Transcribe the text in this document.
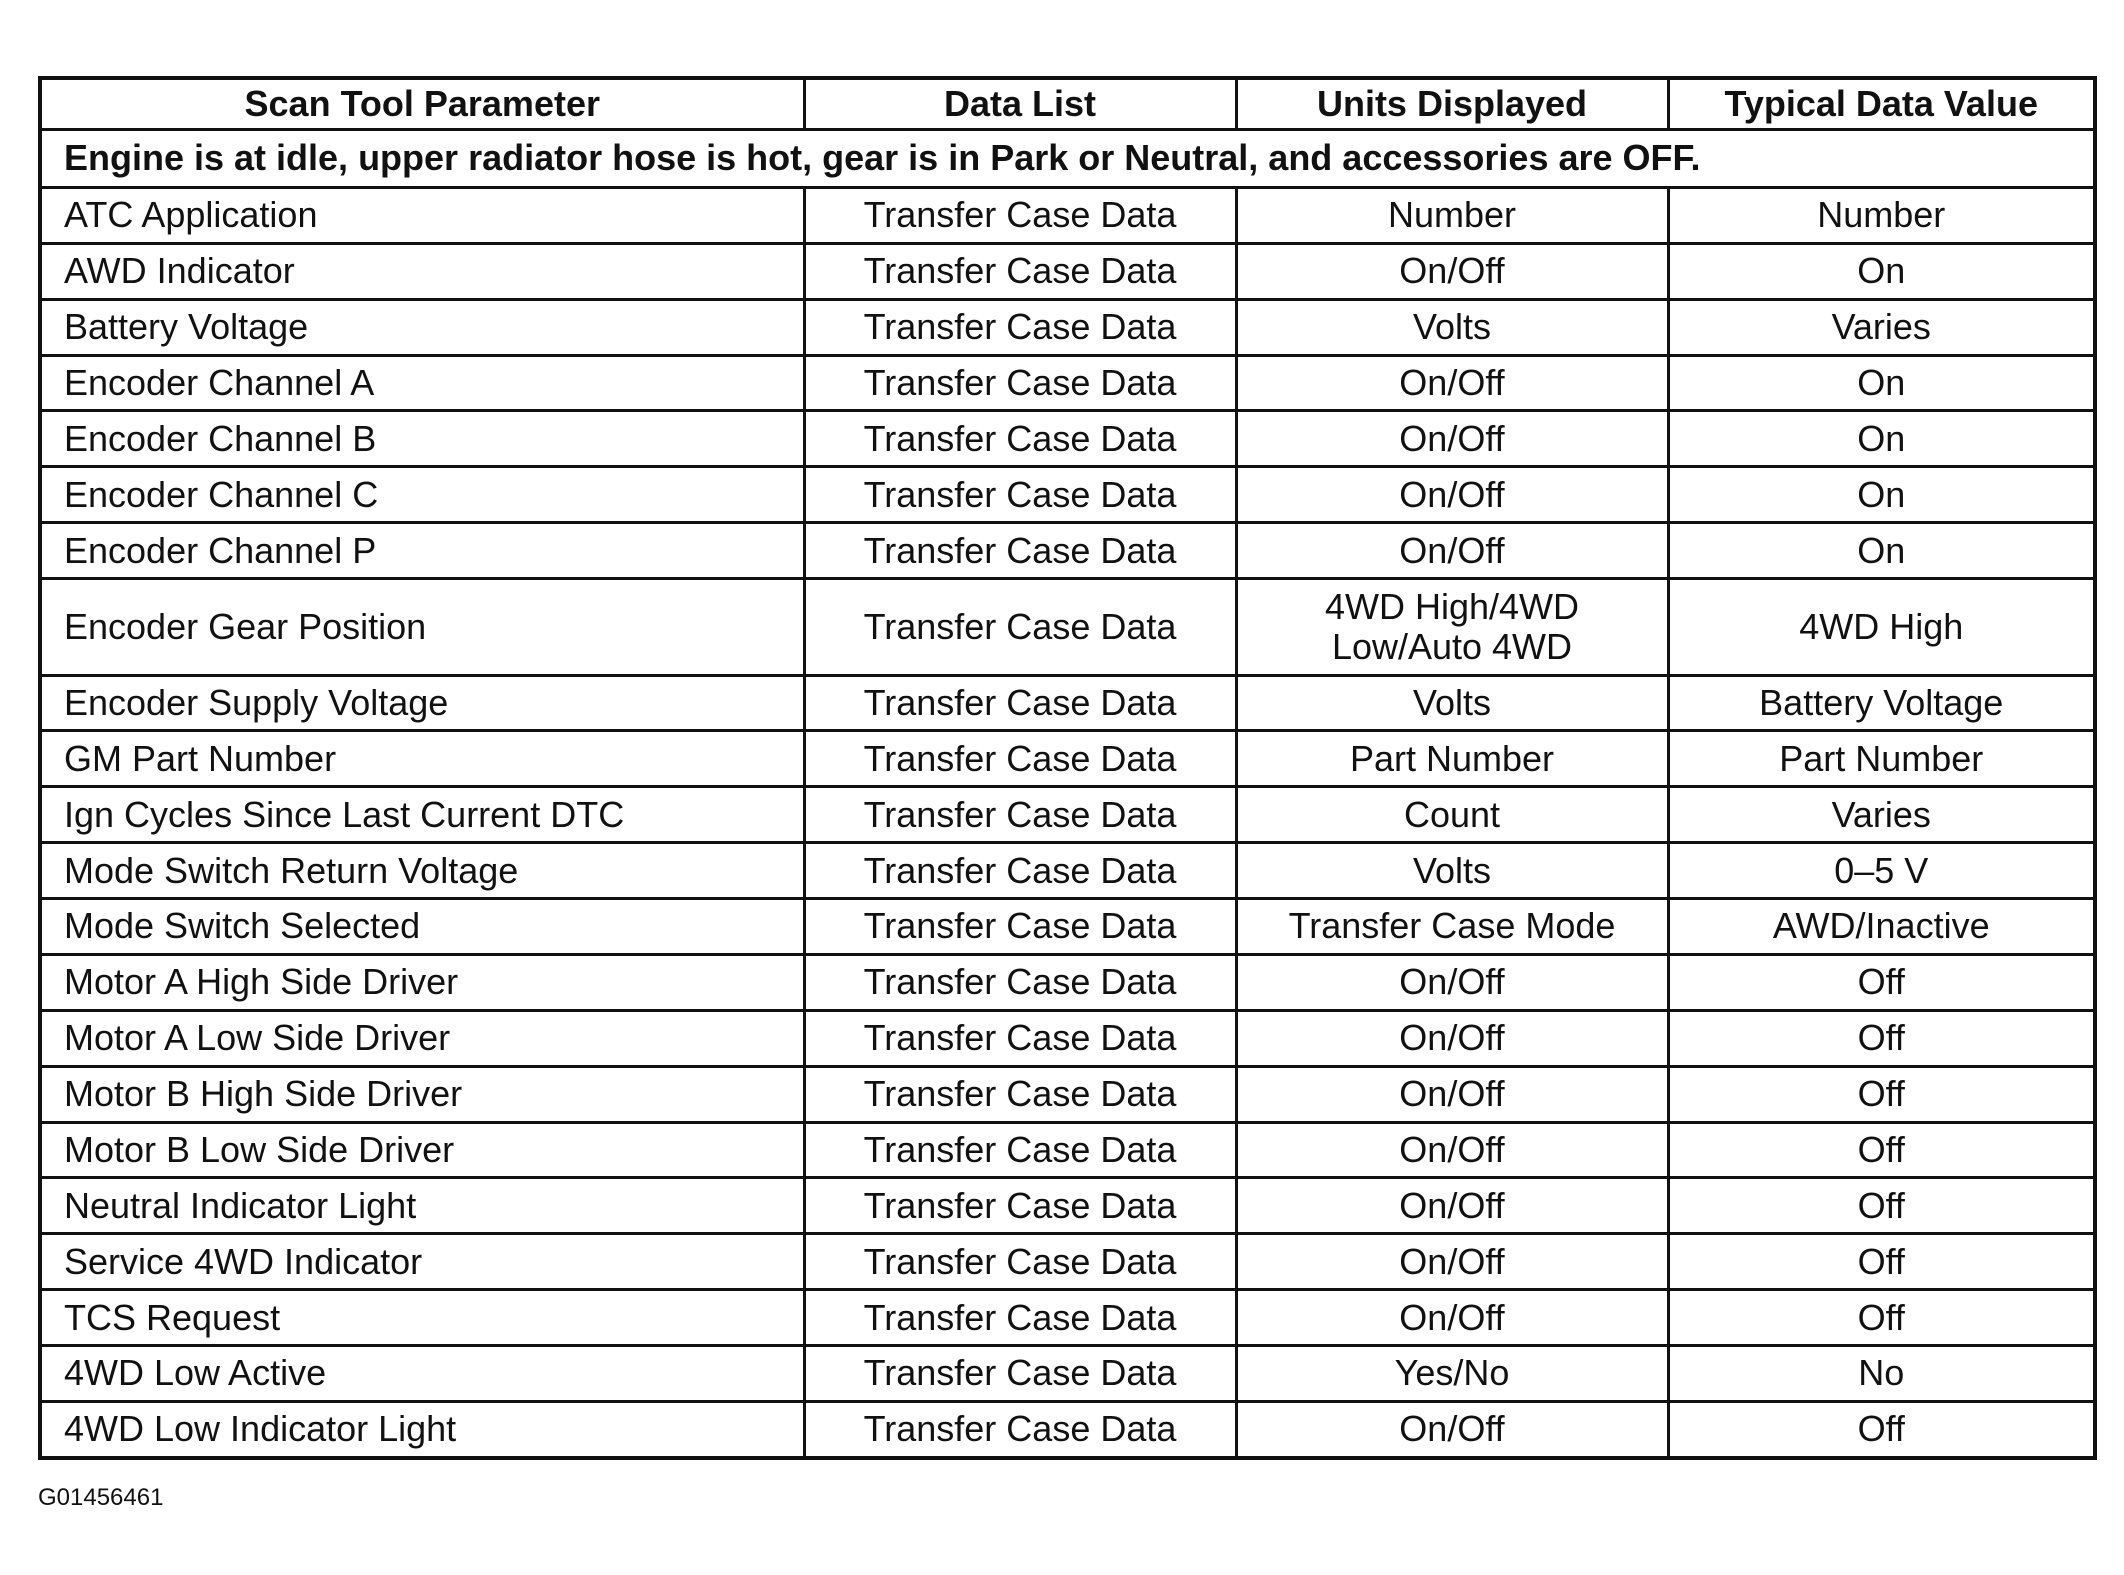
Scan Tool Parameter	Data List	Units Displayed	Typical Data Value
Engine is at idle, upper radiator hose is hot, gear is in Park or Neutral, and accessories are OFF.			
ATC Application	Transfer Case Data	Number	Number
AWD Indicator	Transfer Case Data	On/Off	On
Battery Voltage	Transfer Case Data	Volts	Varies
Encoder Channel A	Transfer Case Data	On/Off	On
Encoder Channel B	Transfer Case Data	On/Off	On
Encoder Channel C	Transfer Case Data	On/Off	On
Encoder Channel P	Transfer Case Data	On/Off	On
Encoder Gear Position	Transfer Case Data	4WD High/4WD Low/Auto 4WD	4WD High
Encoder Supply Voltage	Transfer Case Data	Volts	Battery Voltage
GM Part Number	Transfer Case Data	Part Number	Part Number
Ign Cycles Since Last Current DTC	Transfer Case Data	Count	Varies
Mode Switch Return Voltage	Transfer Case Data	Volts	0–5 V
Mode Switch Selected	Transfer Case Data	Transfer Case Mode	AWD/Inactive
Motor A High Side Driver	Transfer Case Data	On/Off	Off
Motor A Low Side Driver	Transfer Case Data	On/Off	Off
Motor B High Side Driver	Transfer Case Data	On/Off	Off
Motor B Low Side Driver	Transfer Case Data	On/Off	Off
Neutral Indicator Light	Transfer Case Data	On/Off	Off
Service 4WD Indicator	Transfer Case Data	On/Off	Off
TCS Request	Transfer Case Data	On/Off	Off
4WD Low Active	Transfer Case Data	Yes/No	No
4WD Low Indicator Light	Transfer Case Data	On/Off	Off
G01456461
